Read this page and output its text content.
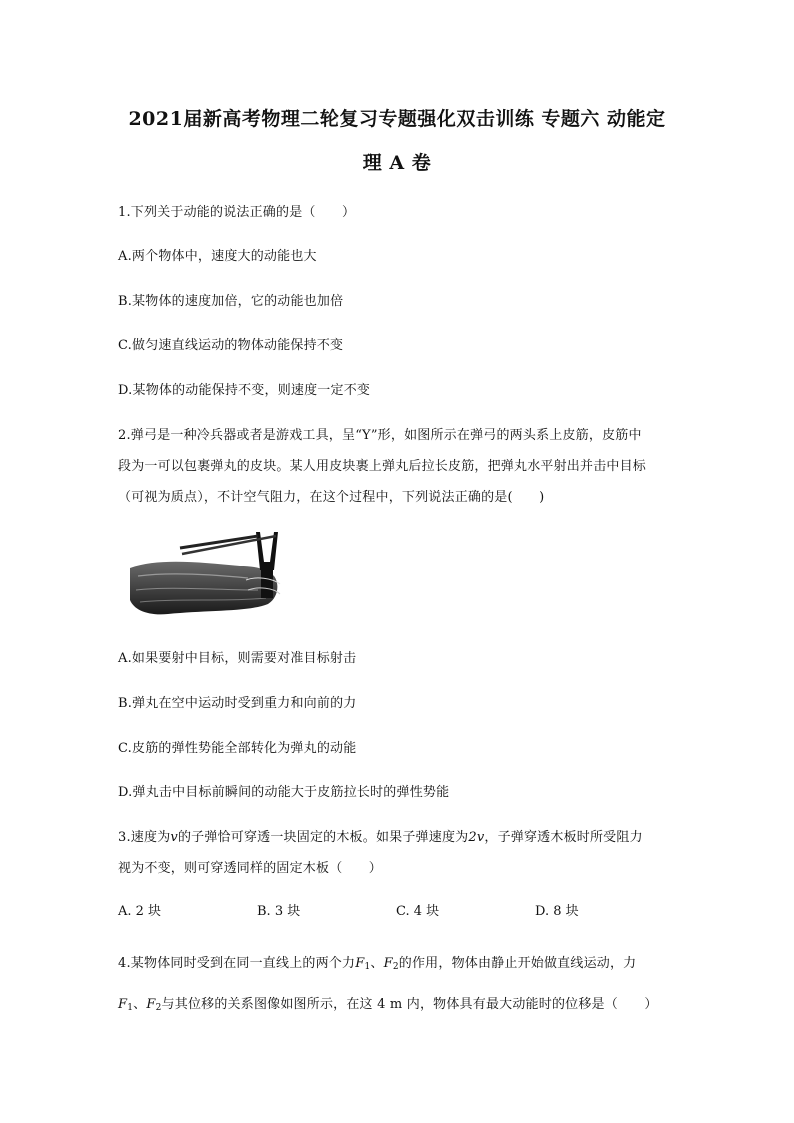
2021届新高考物理二轮复习专题强化双击训练 专题六 动能定
理 A 卷
1.下列关于动能的说法正确的是（　　）
A.两个物体中，速度大的动能也大
B.某物体的速度加倍，它的动能也加倍
C.做匀速直线运动的物体动能保持不变
D.某物体的动能保持不变，则速度一定不变
2.弹弓是一种冷兵器或者是游戏工具，呈“Y”形，如图所示在弹弓的两头系上皮筋，皮筋中
段为一可以包裹弹丸的皮块。某人用皮块裹上弹丸后拉长皮筋，把弹丸水平射出并击中目标
（可视为质点），不计空气阻力，在这个过程中，下列说法正确的是(　　)
A.如果要射中目标，则需要对准目标射击
B.弹丸在空中运动时受到重力和向前的力
C.皮筋的弹性势能全部转化为弹丸的动能
D.弹丸击中目标前瞬间的动能大于皮筋拉长时的弹性势能
3.速度为v的子弹恰可穿透一块固定的木板。如果子弹速度为2v，子弹穿透木板时所受阻力
视为不变，则可穿透同样的固定木板（　　）
A. 2 块	B. 3 块	C. 4 块	D. 8 块
4.某物体同时受到在同一直线上的两个力$F_1$、$F_2$的作用，物体由静止开始做直线运动，力
$F_1$、$F_2$与其位移的关系图像如图所示，在这 4 m 内，物体具有最大动能时的位移是（　　）
